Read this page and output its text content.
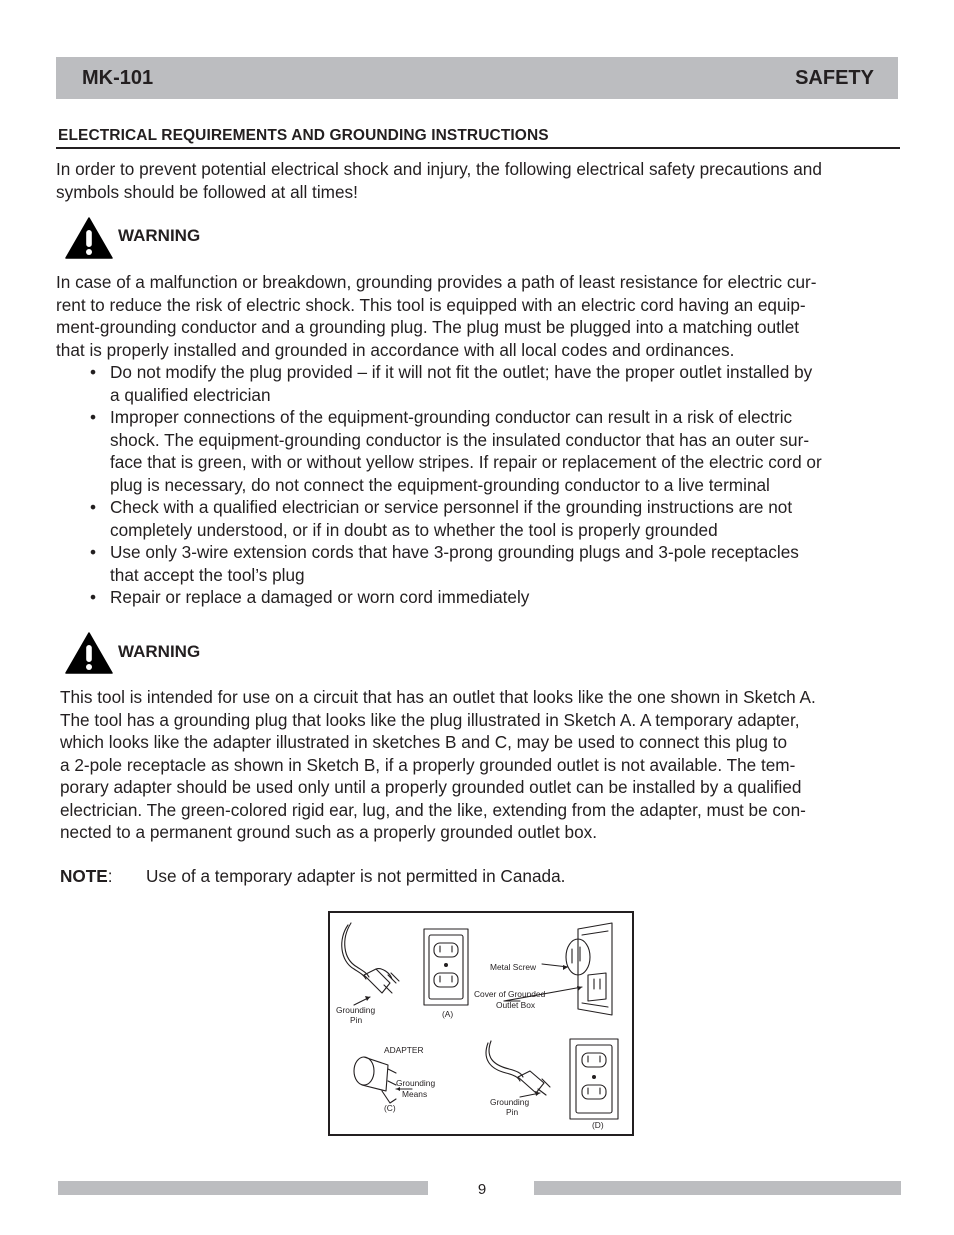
MK-101	SAFETY
ELECTRICAL REQUIREMENTS AND GROUNDING INSTRUCTIONS
In order to prevent potential electrical shock and injury, the following electrical safety precautions and
symbols should be followed at all times!
WARNING
In case of a malfunction or breakdown, grounding provides a path of least resistance for electric cur-
rent to reduce the risk of electric shock. This tool is equipped with an electric cord having an equip-
ment-grounding conductor and a grounding plug. The plug must be plugged into a matching outlet
that is properly installed and grounded in accordance with all local codes and ordinances.
• Do not modify the plug provided – if it will not fit the outlet; have the proper outlet installed by
a qualified electrician
• Improper connections of the equipment-grounding conductor can result in a risk of electric
shock. The equipment-grounding conductor is the insulated conductor that has an outer sur-
face that is green, with or without yellow stripes. If repair or replacement of the electric cord or
plug is necessary, do not connect the equipment-grounding conductor to a live terminal
• Check with a qualified electrician or service personnel if the grounding instructions are not
completely understood, or if in doubt as to whether the tool is properly grounded
• Use only 3-wire extension cords that have 3-prong grounding plugs and 3-pole receptacles
that accept the tool’s plug
• Repair or replace a damaged or worn cord immediately
WARNING
This tool is intended for use on a circuit that has an outlet that looks like the one shown in Sketch A.
The tool has a grounding plug that looks like the plug illustrated in Sketch A. A temporary adapter,
which looks like the adapter illustrated in sketches B and C, may be used to connect this plug to
a 2-pole receptacle as shown in Sketch B, if a properly grounded outlet is not available. The tem-
porary adapter should be used only until a properly grounded outlet can be installed by a qualified
electrician. The green-colored rigid ear, lug, and the like, extending from the adapter, must be con-
nected to a permanent ground such as a properly grounded outlet box.
NOTE: Use of a temporary adapter is not permitted in Canada.
Grounding
Pin
(A)
Metal Screw
Cover of Grounded
Outlet Box
ADAPTER
Grounding
Means
(C)
Grounding
Pin
(D)
9
